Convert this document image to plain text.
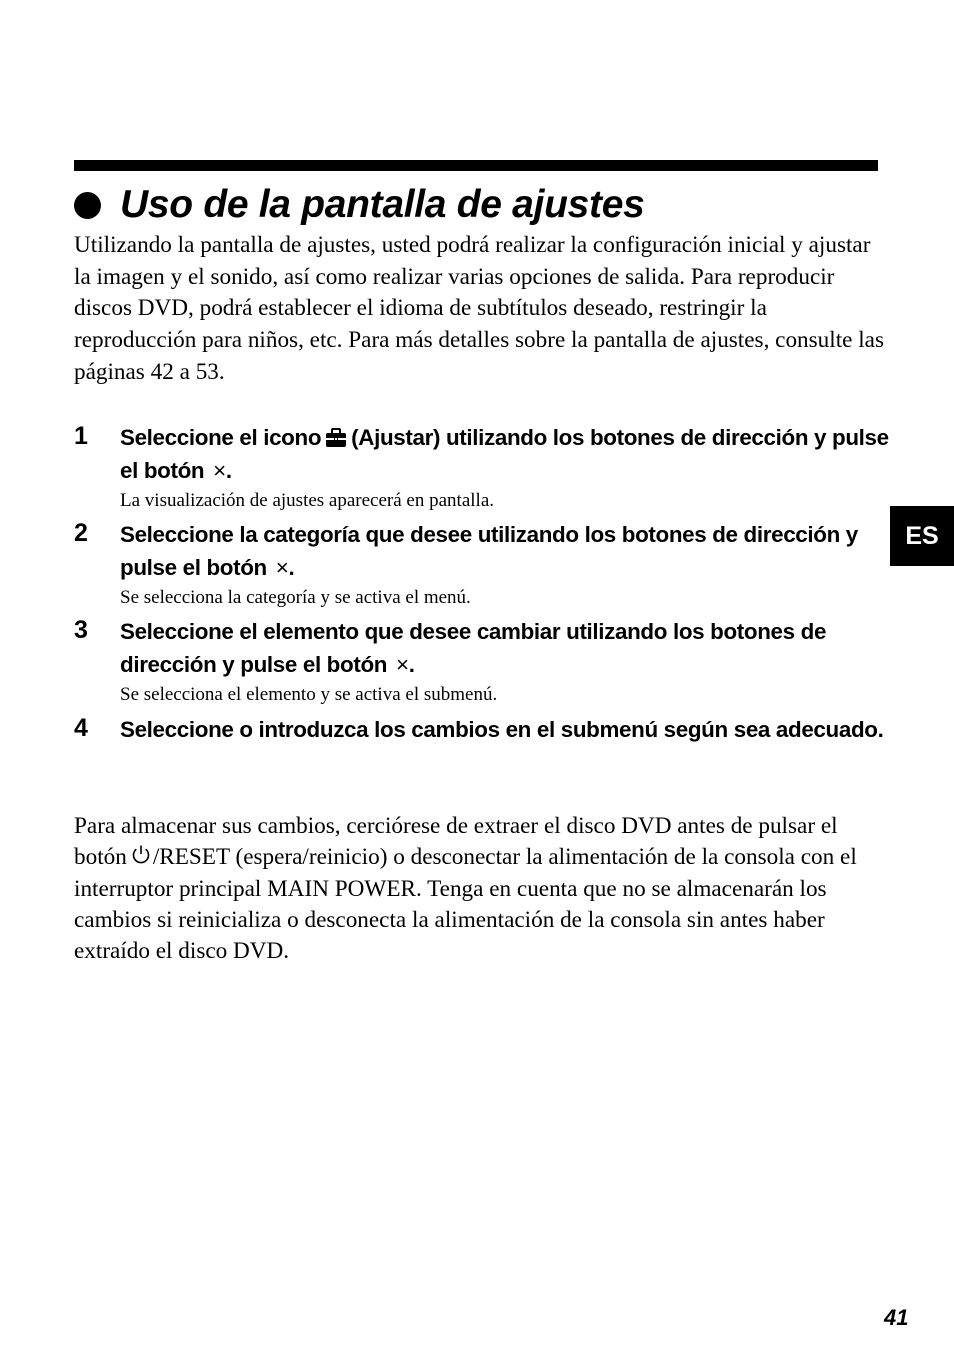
Uso de la pantalla de ajustes

Utilizando la pantalla de ajustes, usted podrá realizar la configuración inicial y ajustar la imagen y el sonido, así como realizar varias opciones de salida. Para reproducir discos DVD, podrá establecer el idioma de subtítulos deseado, restringir la reproducción para niños, etc. Para más detalles sobre la pantalla de ajustes, consulte las páginas 42 a 53.

1 Seleccione el icono (Ajustar) utilizando los botones de dirección y pulse el botón ×.
La visualización de ajustes aparecerá en pantalla.
2 Seleccione la categoría que desee utilizando los botones de dirección y pulse el botón ×.
Se selecciona la categoría y se activa el menú.
3 Seleccione el elemento que desee cambiar utilizando los botones de dirección y pulse el botón ×.
Se selecciona el elemento y se activa el submenú.
4 Seleccione o introduzca los cambios en el submenú según sea adecuado.

Para almacenar sus cambios, cerciórese de extraer el disco DVD antes de pulsar el botón /RESET (espera/reinicio) o desconectar la alimentación de la consola con el interruptor principal MAIN POWER. Tenga en cuenta que no se almacenarán los cambios si reinicializa o desconecta la alimentación de la consola sin antes haber extraído el disco DVD.

ES
41
